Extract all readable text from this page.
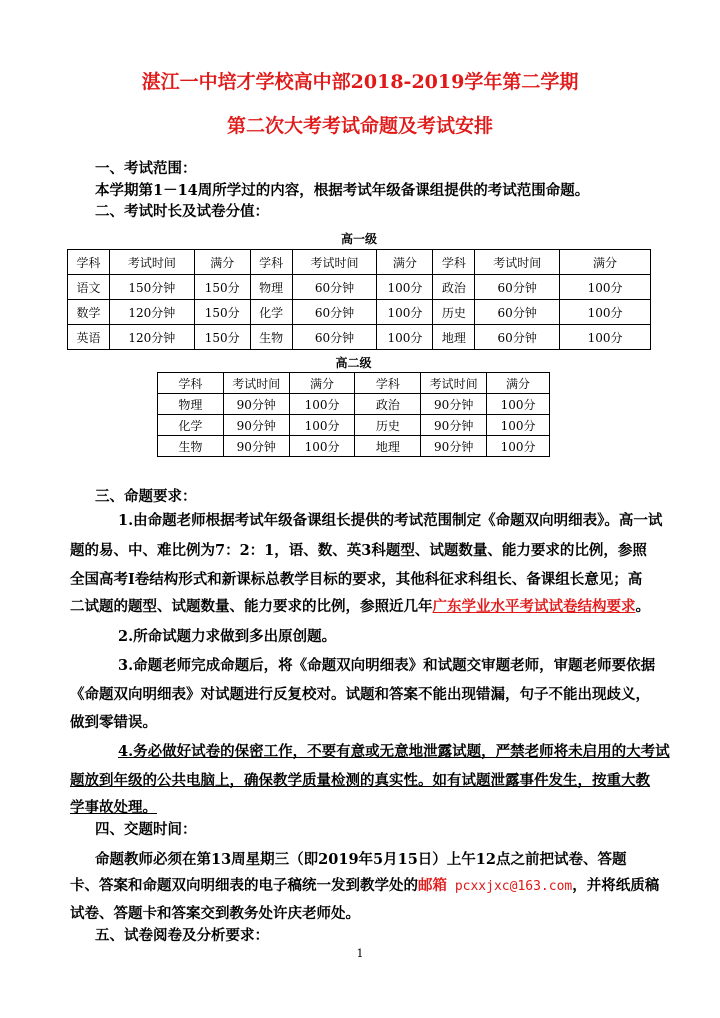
湛江一中培才学校高中部2018-2019学年第二学期
第二次大考考试命题及考试安排
一、考试范围：
本学期第1－14周所学过的内容，根据考试年级备课组提供的考试范围命题。
二、考试时长及试卷分值：
高一级
学科	考试时间	满分	学科	考试时间	满分	学科	考试时间	满分
语文	150分钟	150分	物理	60分钟	100分	政治	60分钟	100分
数学	120分钟	150分	化学	60分钟	100分	历史	60分钟	100分
英语	120分钟	150分	生物	60分钟	100分	地理	60分钟	100分
高二级
学科	考试时间	满分	学科	考试时间	满分
物理	90分钟	100分	政治	90分钟	100分
化学	90分钟	100分	历史	90分钟	100分
生物	90分钟	100分	地理	90分钟	100分
三、命题要求：
1.由命题老师根据考试年级备课组长提供的考试范围制定《命题双向明细表》。高一试
题的易、中、难比例为7：2：1，语、数、英3科题型、试题数量、能力要求的比例，参照
全国高考I卷结构形式和新课标总教学目标的要求，其他科征求科组长、备课组长意见；高
二试题的题型、试题数量、能力要求的比例，参照近几年广东学业水平考试试卷结构要求。
2.所命试题力求做到多出原创题。
3.命题老师完成命题后，将《命题双向明细表》和试题交审题老师，审题老师要依据
《命题双向明细表》对试题进行反复校对。试题和答案不能出现错漏，句子不能出现歧义，
做到零错误。
4.务必做好试卷的保密工作，不要有意或无意地泄露试题，严禁老师将未启用的大考试
题放到年级的公共电脑上，确保教学质量检测的真实性。如有试题泄露事件发生，按重大教
学事故处理。
四、交题时间：
命题教师必须在第13周星期三（即2019年5月15日）上午12点之前把试卷、答题
卡、答案和命题双向明细表的电子稿统一发到教学处的邮箱 pcxxjxc@163.com，并将纸质稿
试卷、答题卡和答案交到教务处许庆老师处。
五、试卷阅卷及分析要求：
1
